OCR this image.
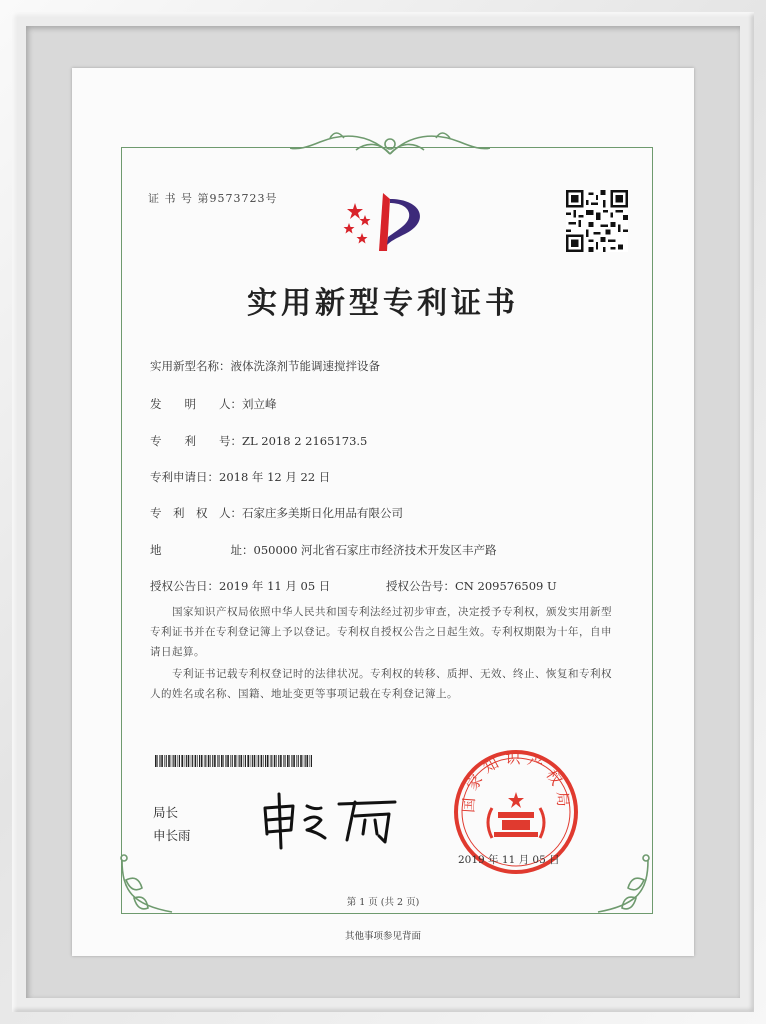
证 书 号 第9573723号
实用新型专利证书
实用新型名称：液体洗涤剂节能调速搅拌设备
发　　明　　人：刘立峰
专　　利　　号：ZL 2018 2 2165173.5
专利申请日：2018 年 12 月 22 日
专　利　权　人：石家庄多美斯日化用品有限公司
地　　　　　　址：050000 河北省石家庄市经济技术开发区丰产路
授权公告日：2019 年 11 月 05 日	授权公告号：CN 209576509 U
国家知识产权局依照中华人民共和国专利法经过初步审查，决定授予专利权，颁发实用新型专利证书并在专利登记簿上予以登记。专利权自授权公告之日起生效。专利权期限为十年，自申请日起算。
专利证书记载专利权登记时的法律状况。专利权的转移、质押、无效、终止、恢复和专利权人的姓名或名称、国籍、地址变更等事项记载在专利登记簿上。
局长
申长雨
国家知识产权局
2019 年 11 月 05 日
第 1 页 (共 2 页)
其他事项参见背面
